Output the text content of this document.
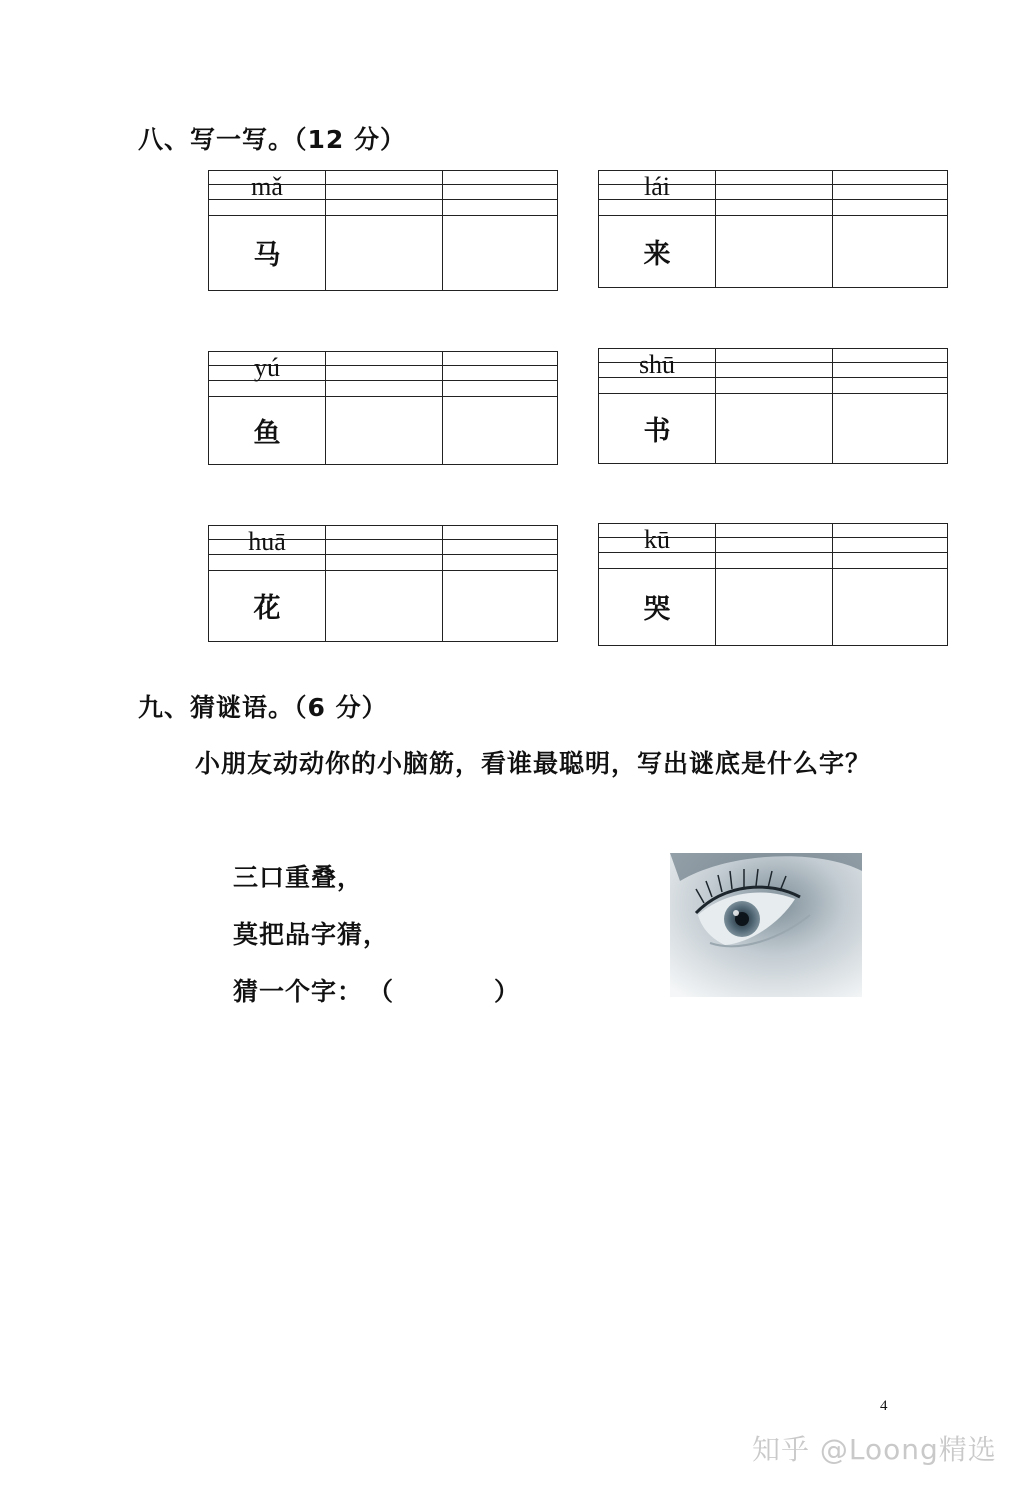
八、写一写。（12 分）
mǎ
马
lái
来
yú
鱼
shū
书
huā
花
kū
哭
九、猜谜语。（6 分）
小朋友动动你的小脑筋，看谁最聪明，写出谜底是什么字？
三口重叠，
莫把品字猜，
猜一个字： （	）
4
知乎 @Loong精选
